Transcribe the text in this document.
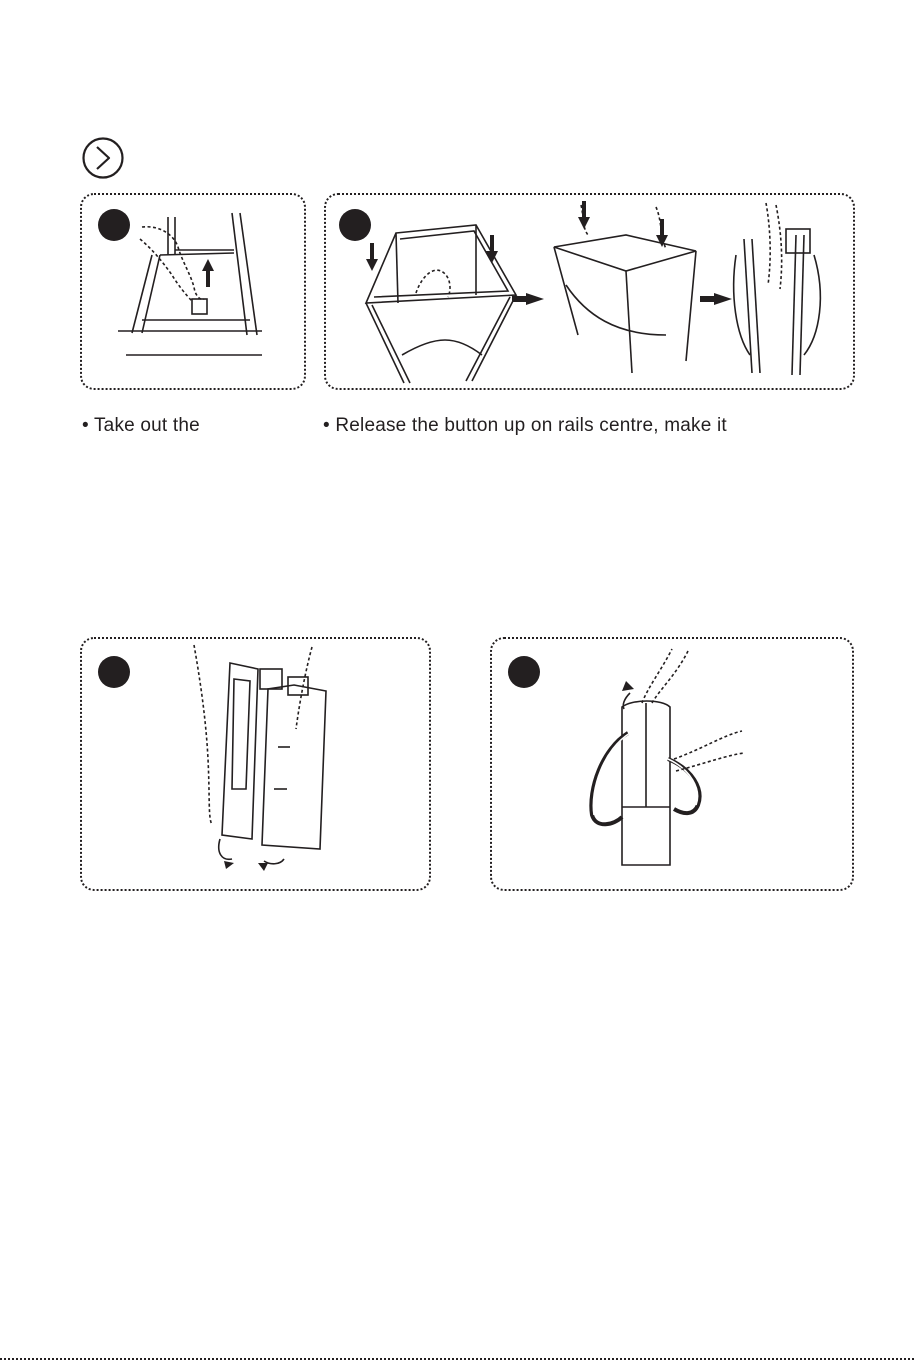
• Take out the	• Release the button up on rails centre, make it
